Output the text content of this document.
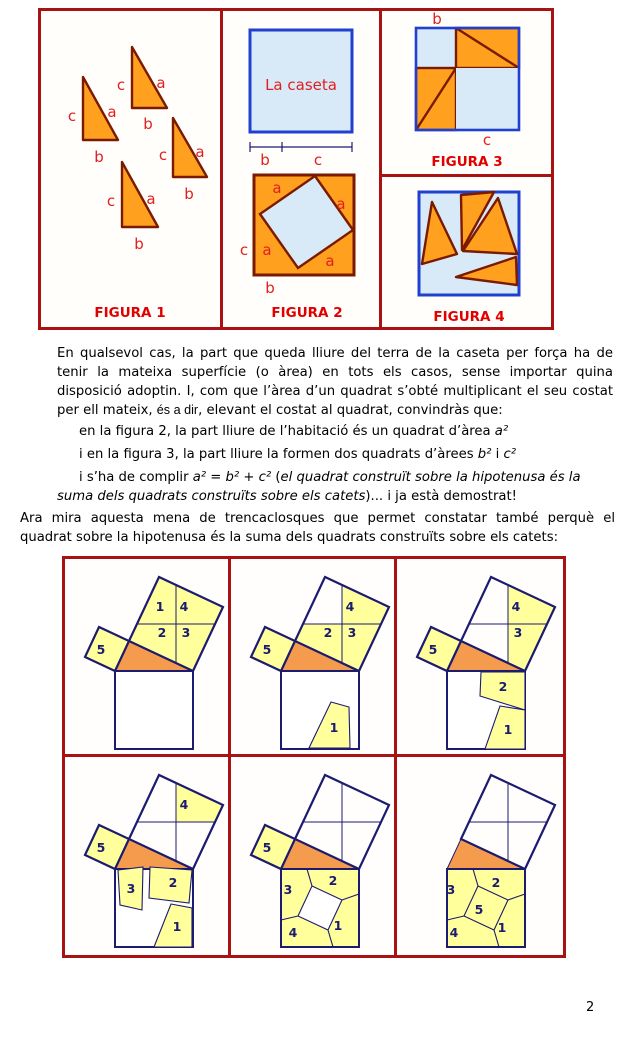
c a
b
c a
b	c a
b
c a
b
FIGURA 1
La caseta
b	c
a
a
a
a
c
b
FIGURA 2
b
c
FIGURA 3
FIGURA 4
En qualsevol cas, la part que queda lliure del terra de la caseta per força ha de tenir la mateixa superfície (o àrea) en tots els casos, sense importar quina disposició adoptin. I, com que l’àrea d’un quadrat s’obté multiplicant el seu costat per ell mateix, és a dir, elevant el costat al quadrat, convindràs que:

en la figura 2, la part lliure de l’habitació és un quadrat d’àrea a²

i en la figura 3, la part lliure la formen dos quadrats d’àrees b² i c²

i s’ha de complir a² = b² + c² (el quadrat construït sobre la hipotenusa és la suma dels quadrats construïts sobre els catets)... i ja està demostrat!

Ara mira aquesta mena de trencaclosques que permet constatar també perquè el quadrat sobre la hipotenusa és la suma dels quadrats construïts sobre els catets:
1 4
2 3
5
4
2 3
5
1
4
3
5
2
1
4
5
3	2
1
5
3
2
4	1
3	2
5
4	1
2
